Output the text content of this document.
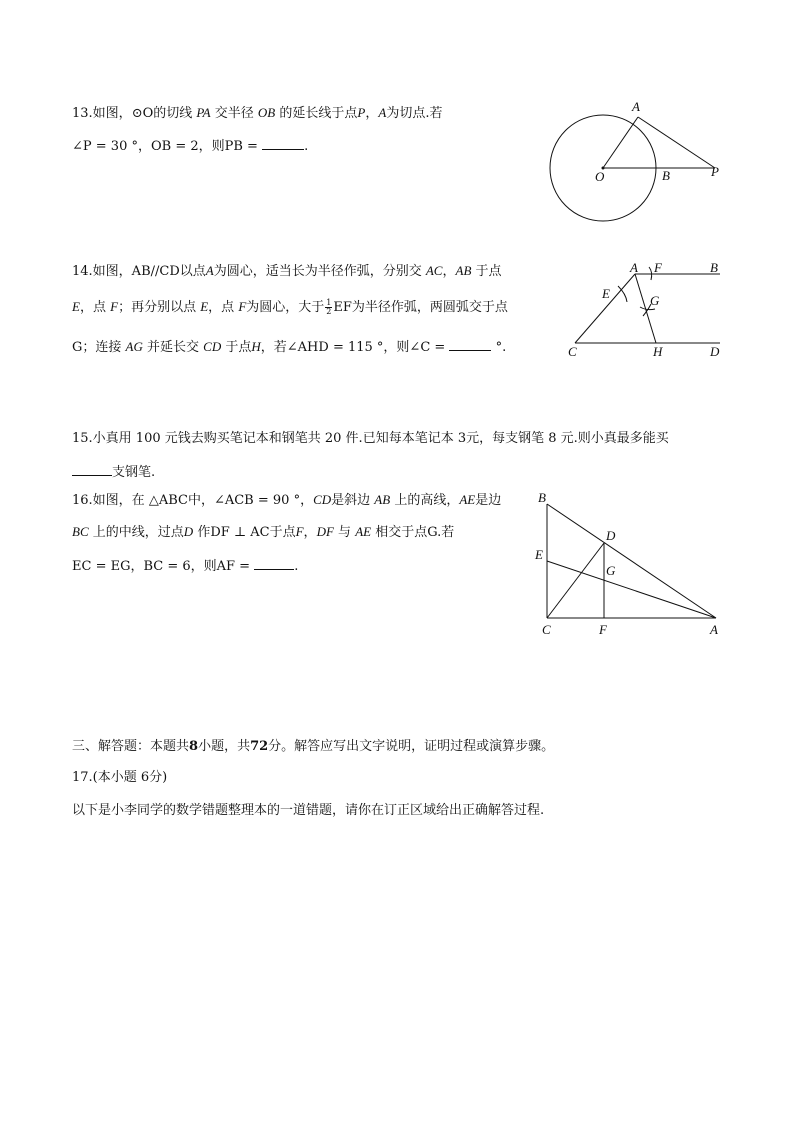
13.如图，⊙O的切线 PA 交半径 OB 的延长线于点P，A为切点.若
∠P = 30 °，OB = 2，则PB =	.
A
O	B	P
14.如图，AB//CD以点A为圆心，适当长为半径作弧，分别交 AC，AB 于点
E，点 F；再分别以点 E，点 F为圆心，大于 $\frac{1}{2}$ EF为半径作弧，两圆弧交于点
G；连接 AG 并延长交 CD 于点H，若∠AHD = 115 °，则∠C =	°.
A F	B
E	G
C	H	D
15.小真用 100 元钱去购买笔记本和钢笔共 20 件.已知每本笔记本 3元，每支钢笔 8 元.则小真最多能买
支钢笔.
16.如图，在 △ABC中，∠ACB = 90 °，CD是斜边 AB 上的高线，AE是边
BC 上的中线，过点D 作DF ⊥ AC于点F，DF 与 AE 相交于点G.若
EC = EG，BC = 6，则AF =	.
B
D
E
G
C	F	A
三、解答题：本题共8小题，共72分。解答应写出文字说明，证明过程或演算步骤。
17.(本小题 6分)
以下是小李同学的数学错题整理本的一道错题，请你在订正区域给出正确解答过程.
